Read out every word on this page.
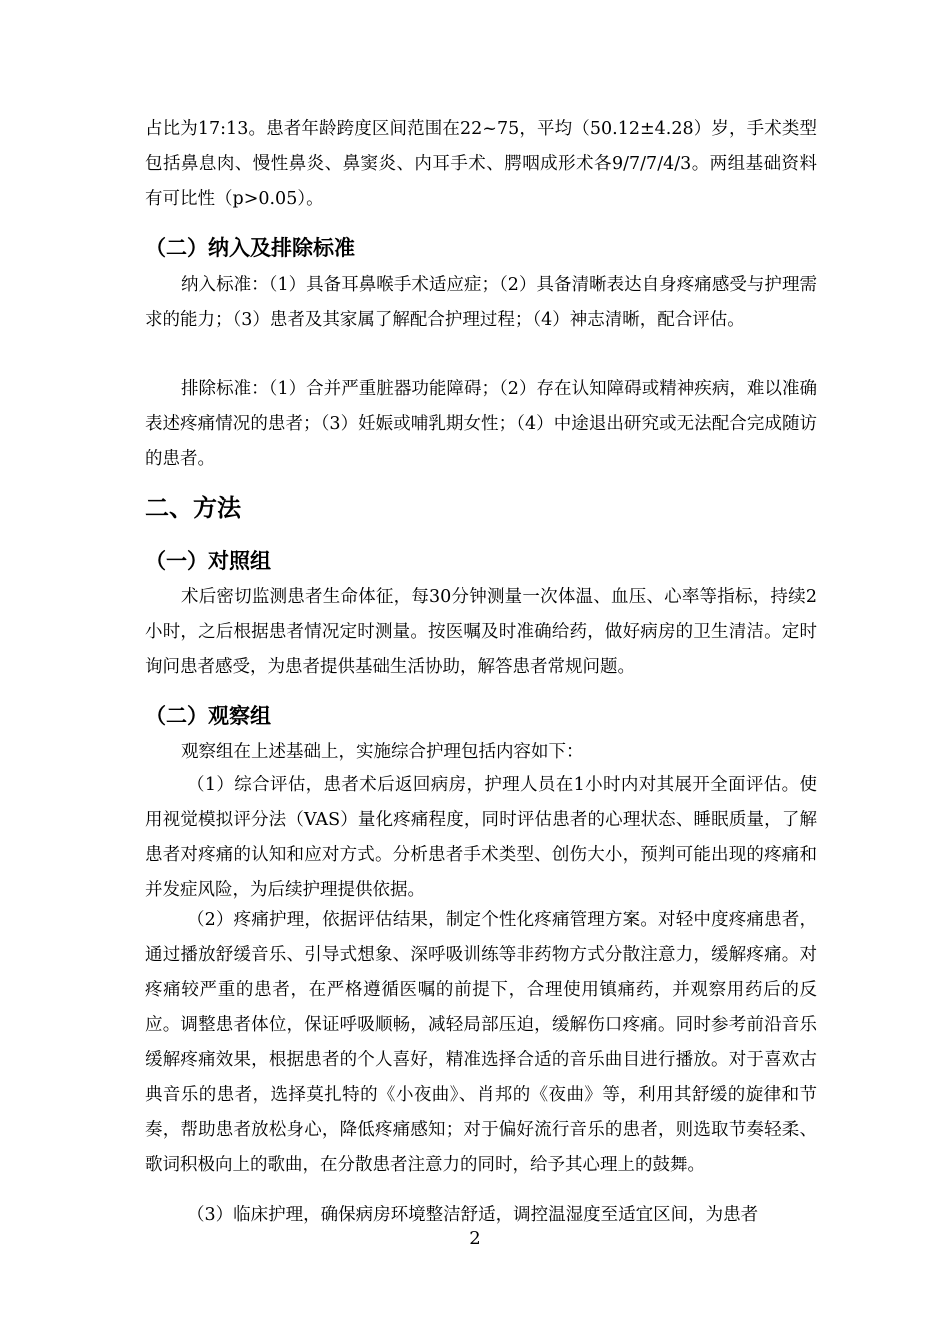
占比为17:13。患者年龄跨度区间范围在22~75，平均（50.12±4.28）岁，手术类型包括鼻息肉、慢性鼻炎、鼻窦炎、内耳手术、腭咽成形术各9/7/7/4/3。两组基础资料有可比性（p>0.05）。

（二）纳入及排除标准

纳入标准：（1）具备耳鼻喉手术适应症；（2）具备清晰表达自身疼痛感受与护理需求的能力；（3）患者及其家属了解配合护理过程；（4）神志清晰，配合评估。

排除标准：（1）合并严重脏器功能障碍；（2）存在认知障碍或精神疾病，难以准确表述疼痛情况的患者；（3）妊娠或哺乳期女性；（4）中途退出研究或无法配合完成随访的患者。

二、方法
（一）对照组

术后密切监测患者生命体征，每30分钟测量一次体温、血压、心率等指标，持续2小时，之后根据患者情况定时测量。按医嘱及时准确给药，做好病房的卫生清洁。定时询问患者感受，为患者提供基础生活协助，解答患者常规问题。

（二）观察组

观察组在上述基础上，实施综合护理包括内容如下：

（1）综合评估，患者术后返回病房，护理人员在1小时内对其展开全面评估。使用视觉模拟评分法（VAS）量化疼痛程度，同时评估患者的心理状态、睡眠质量，了解患者对疼痛的认知和应对方式。分析患者手术类型、创伤大小，预判可能出现的疼痛和并发症风险，为后续护理提供依据。

（2）疼痛护理，依据评估结果，制定个性化疼痛管理方案。对轻中度疼痛患者，通过播放舒缓音乐、引导式想象、深呼吸训练等非药物方式分散注意力，缓解疼痛。对疼痛较严重的患者，在严格遵循医嘱的前提下，合理使用镇痛药，并观察用药后的反应。调整患者体位，保证呼吸顺畅，减轻局部压迫，缓解伤口疼痛。同时参考前沿音乐缓解疼痛效果，根据患者的个人喜好，精准选择合适的音乐曲目进行播放。对于喜欢古典音乐的患者，选择莫扎特的《小夜曲》、肖邦的《夜曲》等，利用其舒缓的旋律和节奏，帮助患者放松身心，降低疼痛感知；对于偏好流行音乐的患者，则选取节奏轻柔、歌词积极向上的歌曲，在分散患者注意力的同时，给予其心理上的鼓舞。

（3）临床护理，确保病房环境整洁舒适，调控温湿度至适宜区间，为患者

2
